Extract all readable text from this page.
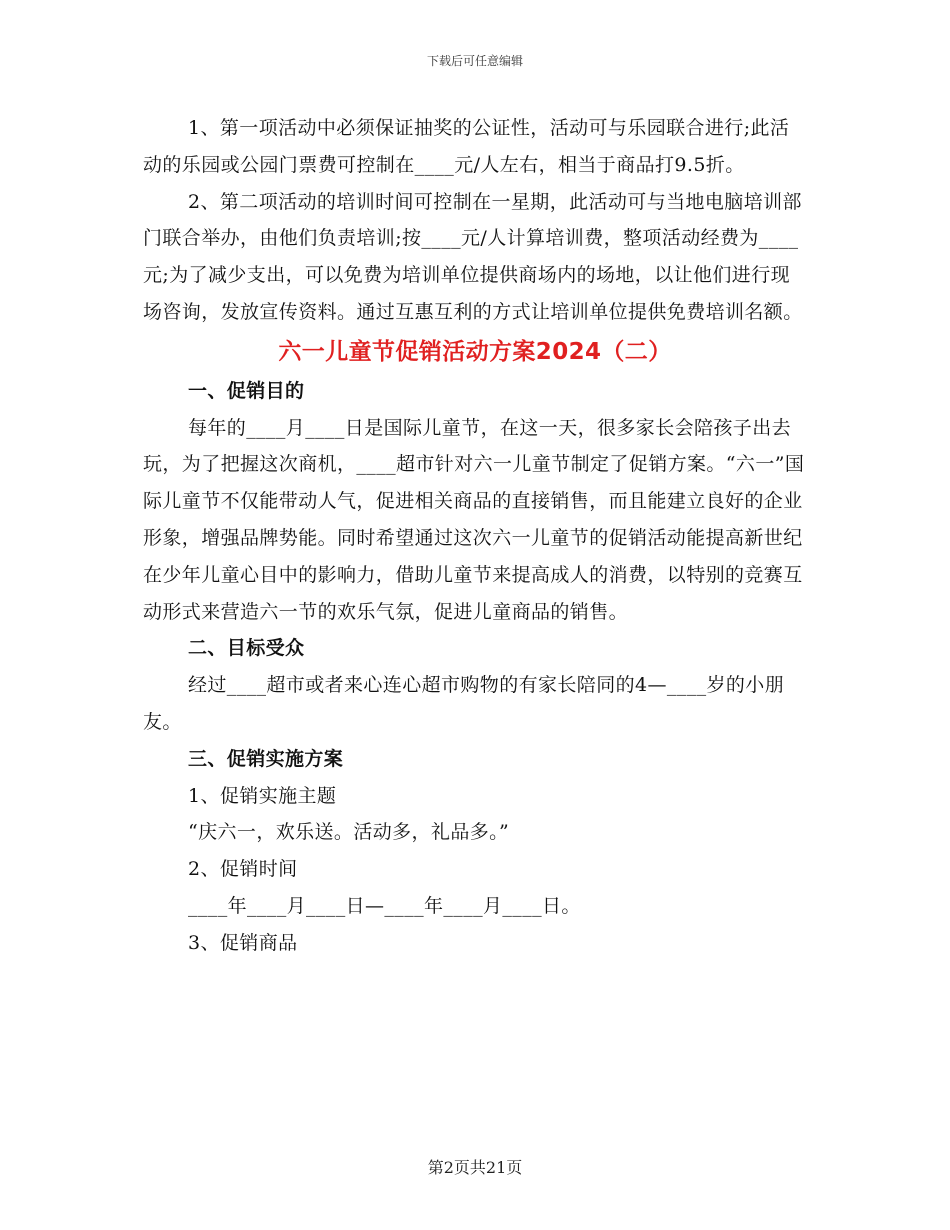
下载后可任意编辑

1、第一项活动中必须保证抽奖的公证性，活动可与乐园联合进行;此活动的乐园或公园门票费可控制在____元/人左右，相当于商品打9.5折。

2、第二项活动的培训时间可控制在一星期，此活动可与当地电脑培训部门联合举办，由他们负责培训;按____元/人计算培训费，整项活动经费为____元;为了减少支出，可以免费为培训单位提供商场内的场地，以让他们进行现场咨询，发放宣传资料。通过互惠互利的方式让培训单位提供免费培训名额。

六一儿童节促销活动方案2024（二）

一、促销目的

每年的____月____日是国际儿童节，在这一天，很多家长会陪孩子出去玩，为了把握这次商机，____超市针对六一儿童节制定了促销方案。“六一”国际儿童节不仅能带动人气，促进相关商品的直接销售，而且能建立良好的企业形象，增强品牌势能。同时希望通过这次六一儿童节的促销活动能提高新世纪在少年儿童心目中的影响力，借助儿童节来提高成人的消费，以特别的竞赛互动形式来营造六一节的欢乐气氛，促进儿童商品的销售。

二、目标受众

经过____超市或者来心连心超市购物的有家长陪同的4—____岁的小朋友。

三、促销实施方案

1、促销实施主题

“庆六一，欢乐送。活动多，礼品多。”

2、促销时间

____年____月____日—____年____月____日。

3、促销商品

第2页共21页
